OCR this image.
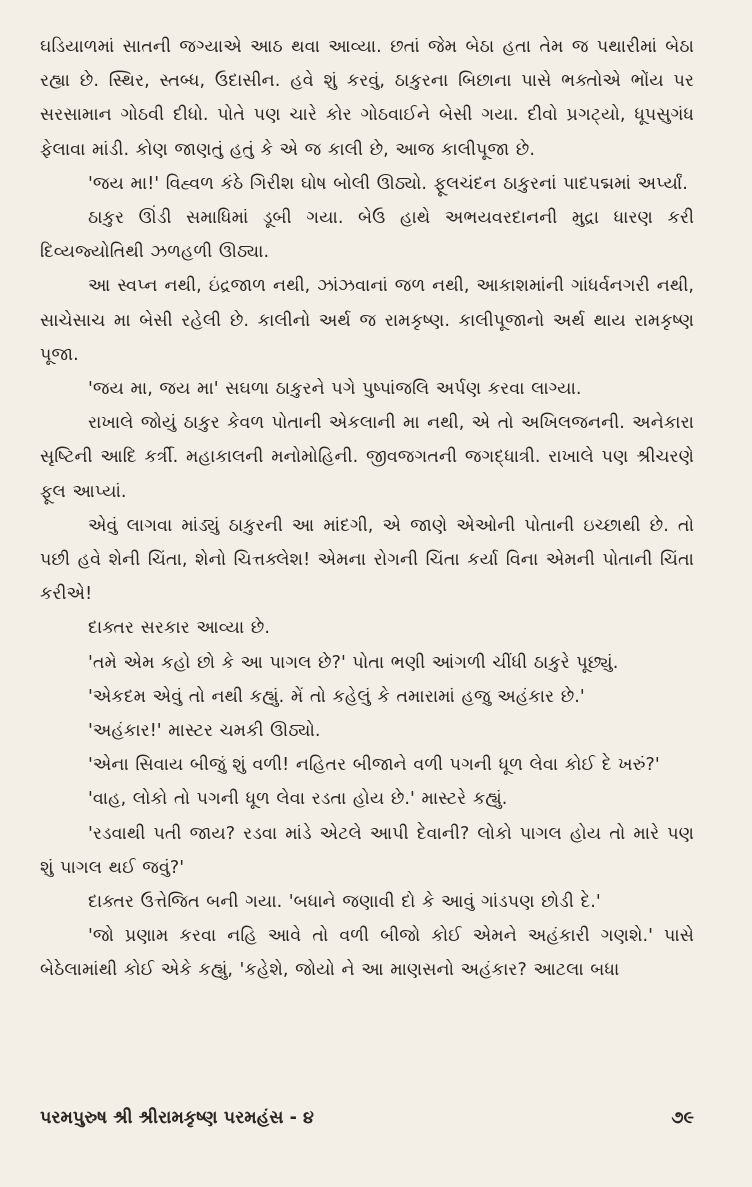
ઘડિયાળમાં સાતની જગ્યાએ આઠ થવા આવ્યા. છતાં જેમ બેઠા હતા તેમ જ પથારીમાં બેઠા રહ્યા છે. સ્થિર, સ્તબ્ધ, ઉદાસીન. હવે શું કરવું, ઠાકુરના બિછાના પાસે ભક્તોએ ભોંય પર સરસામાન ગોઠવી દીધો. પોતે પણ ચારે કોર ગોઠવાઈને બેસી ગયા. દીવો પ્રગટ્યો, ધૂપસુગંધ ફેલાવા માંડી. કોણ જાણતું હતું કે એ જ કાલી છે, આજ કાલીપૂજા છે.

'જય મા!' વિહ્વળ કંઠે ગિરીશ ઘોષ બોલી ઊઠ્યો. ફૂલચંદન ઠાકુરનાં પાદપદ્મમાં અર્પ્યાં.

ઠાકુર ઊંડી સમાધિમાં ડૂબી ગયા. બેઉ હાથે અભયવરદાનની મુદ્રા ધારણ કરી દિવ્યજ્યોતિથી ઝળહળી ઊઠ્યા.

આ સ્વપ્ન નથી, ઇંદ્રજાળ નથી, ઝાંઝવાનાં જળ નથી, આકાશમાંની ગાંધર્વનગરી નથી, સાચેસાચ મા બેસી રહેલી છે. કાલીનો અર્થ જ રામકૃષ્ણ. કાલીપૂજાનો અર્થ થાય રામકૃષ્ણ પૂજા.

'જય મા, જય મા' સઘળા ઠાકુરને પગે પુષ્પાંજલિ અર્પણ કરવા લાગ્યા.

રાખાલે જોયું ઠાકુર કેવળ પોતાની એકલાની મા નથી, એ તો અખિલજનની. અનેકારા સૃષ્ટિની આદિ કર્ત્રી. મહાકાલની મનોમોહિની. જીવજગતની જગદ્ધાત્રી. રાખાલે પણ શ્રીચરણે ફૂલ આપ્યાં.

એવું લાગવા માંડ્યું ઠાકુરની આ માંદગી, એ જાણે એઓની પોતાની ઇચ્છાથી છે. તો પછી હવે શેની ચિંતા, શેનો ચિત્તક્લેશ! એમના રોગની ચિંતા કર્યા વિના એમની પોતાની ચિંતા કરીએ!

દાક્તર સરકાર આવ્યા છે.

'તમે એમ કહો છો કે આ પાગલ છે?' પોતા ભણી આંગળી ચીંધી ઠાકુરે પૂછ્યું.

'એકદમ એવું તો નથી કહ્યું. મેં તો કહેલું કે તમારામાં હજુ અહંકાર છે.'

'અહંકાર!' માસ્ટર ચમકી ઊઠ્યો.

'એના સિવાય બીજું શું વળી! નહિતર બીજાને વળી પગની ધૂળ લેવા કોઈ દે ખરું?'

'વાહ, લોકો તો પગની ધૂળ લેવા રડતા હોય છે.' માસ્ટરે કહ્યું.

'રડવાથી પતી જાય? રડવા માંડે એટલે આપી દેવાની? લોકો પાગલ હોય તો મારે પણ શું પાગલ થઈ જવું?'

દાક્તર ઉત્તેજિત બની ગયા. 'બધાને જણાવી દો કે આવું ગાંડપણ છોડી દે.'

'જો પ્રણામ કરવા નહિ આવે તો વળી બીજો કોઈ એમને અહંકારી ગણશે.' પાસે બેઠેલામાંથી કોઈ એકે કહ્યું, 'કહેશે, જોયો ને આ માણસનો અહંકાર? આટલા બધા

પરમપુરુષ શ્રી શ્રીરામકૃષ્ણ પરમહંસ - ૪	૭૯
